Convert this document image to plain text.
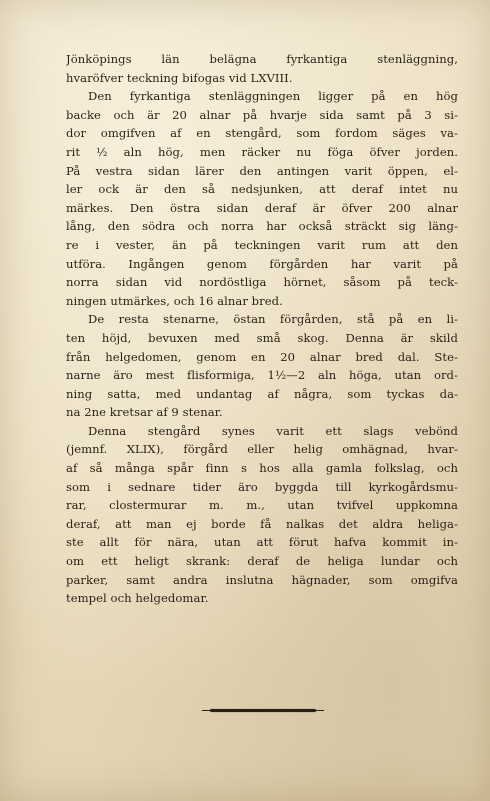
Jönköpings län belägna fyrkantiga stenläggning,
hvaröfver teckning bifogas vid LXVIII.
Den fyrkantiga stenläggningen ligger på en hög
backe och är 20 alnar på hvarje sida samt på 3 si-
dor omgifven af en stengård, som fordom säges va-
rit ½ aln hög, men räcker nu föga öfver jorden.
På vestra sidan lärer den antingen varit öppen, el-
ler ock är den så nedsjunken, att deraf intet nu
märkes. Den östra sidan deraf är öfver 200 alnar
lång, den södra och norra har också sträckt sig läng-
re i vester, än på teckningen varit rum att den
utföra. Ingången genom förgården har varit på
norra sidan vid nordöstliga hörnet, såsom på teck-
ningen utmärkes, och 16 alnar bred.
De resta stenarne, östan förgården, stå på en li-
ten höjd, bevuxen med små skog. Denna är skild
från helgedomen, genom en 20 alnar bred dal. Ste-
narne äro mest flisformiga, 1½—2 aln höga, utan ord-
ning satta, med undantag af några, som tyckas da-
na 2ne kretsar af 9 stenar.
Denna stengård synes varit ett slags vebönd
(jemnf. XLIX), förgård eller helig omhägnad, hvar-
af så många spår finn s hos alla gamla folkslag, och
som i sednare tider äro byggda till kyrkogårdsmu-
rar, clostermurar m. m., utan tvifvel uppkomna
deraf, att man ej borde få nalkas det aldra heliga-
ste allt för nära, utan att förut hafva kommit in-
om ett heligt skrank: deraf de heliga lundar och
parker, samt andra inslutna hägnader, som omgifva
tempel och helgedomar.
